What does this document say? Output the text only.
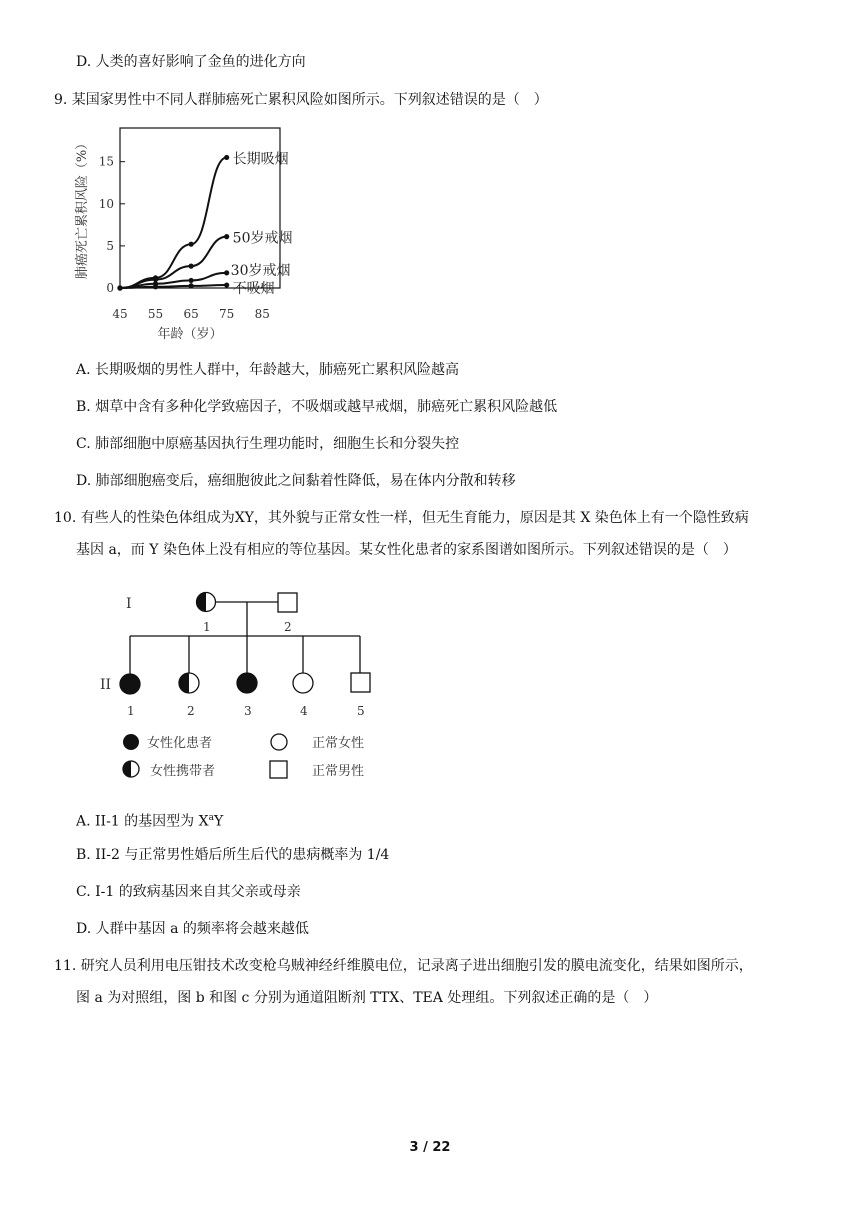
D. 人类的喜好影响了金鱼的进化方向
9. 某国家男性中不同人群肺癌死亡累积风险如图所示。下列叙述错误的是（　）
0
5
10
15
45 55 65 75 85
年龄（岁）
肺癌死亡累积风险（%）	长期吸烟
50岁戒烟
30岁戒烟
不吸烟
A. 长期吸烟的男性人群中，年龄越大，肺癌死亡累积风险越高
B. 烟草中含有多种化学致癌因子，不吸烟或越早戒烟，肺癌死亡累积风险越低
C. 肺部细胞中原癌基因执行生理功能时，细胞生长和分裂失控
D. 肺部细胞癌变后，癌细胞彼此之间黏着性降低，易在体内分散和转移
10. 有些人的性染色体组成为XY，其外貌与正常女性一样，但无生育能力，原因是其 X 染色体上有一个隐性致病
基因 a，而 Y 染色体上没有相应的等位基因。某女性化患者的家系图谱如图所示。下列叙述错误的是（　）
I
II
1	2
1	2	3	4	5
女性化患者	正常女性
女性携带者	正常男性
A. II-1 的基因型为 $X^aY$
B. II-2 与正常男性婚后所生后代的患病概率为 1/4
C. I-1 的致病基因来自其父亲或母亲
D. 人群中基因 a 的频率将会越来越低
11. 研究人员利用电压钳技术改变枪乌贼神经纤维膜电位，记录离子进出细胞引发的膜电流变化，结果如图所示，
图 a 为对照组，图 b 和图 c 分别为通道阻断剂 TTX、TEA 处理组。下列叙述正确的是（　）
3 / 22
